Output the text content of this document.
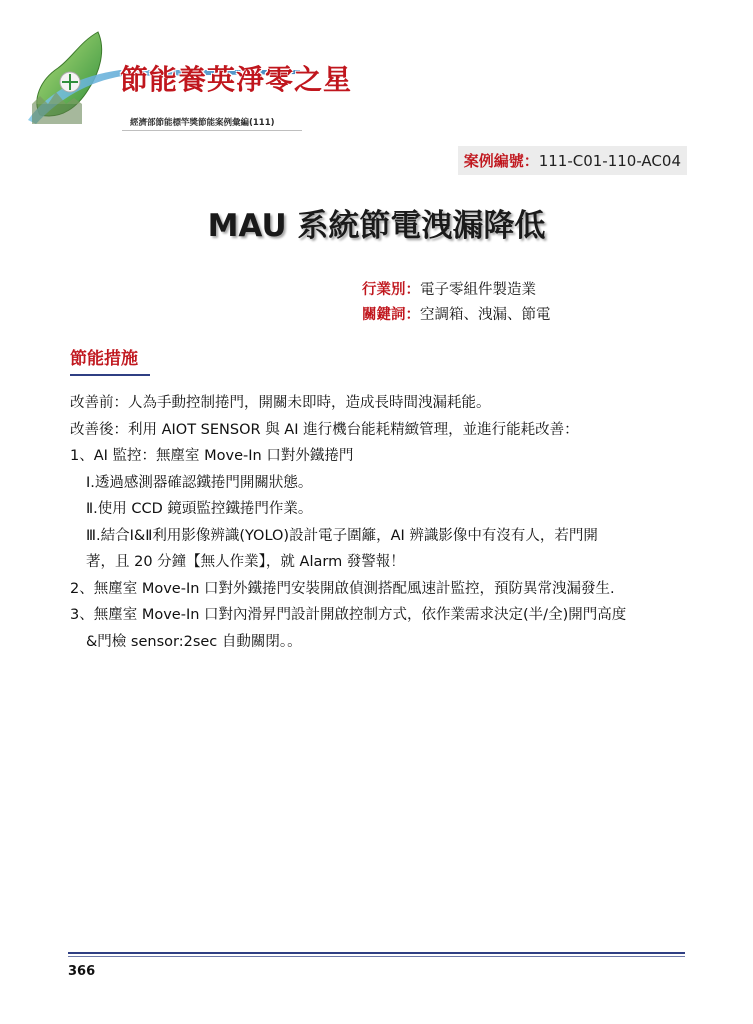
節能養英淨零之星
經濟部節能標竿獎節能案例彙編(111)
案例編號：111-C01-110-AC04
MAU 系統節電洩漏降低
行業別：電子零組件製造業
關鍵詞：空調箱、洩漏、節電
節能措施

改善前：人為手動控制捲門，開關未即時，造成長時間洩漏耗能。

改善後：利用 AIOT SENSOR 與 AI 進行機台能耗精緻管理，並進行能耗改善：

1、AI 監控：無塵室 Move-In 口對外鐵捲門

Ⅰ.透過感測器確認鐵捲門開關狀態。

Ⅱ.使用 CCD 鏡頭監控鐵捲門作業。

Ⅲ.結合Ⅰ&Ⅱ利用影像辨識(YOLO)設計電子圍籬，AI 辨識影像中有沒有人，若門開

著，且 20 分鐘【無人作業】，就 Alarm 發警報！

2、無塵室 Move-In 口對外鐵捲門安裝開啟偵測搭配風速計監控，預防異常洩漏發生.

3、無塵室 Move-In 口對內滑昇門設計開啟控制方式，依作業需求決定(半/全)開門高度

&門檢 sensor:2sec 自動關閉。。

366
